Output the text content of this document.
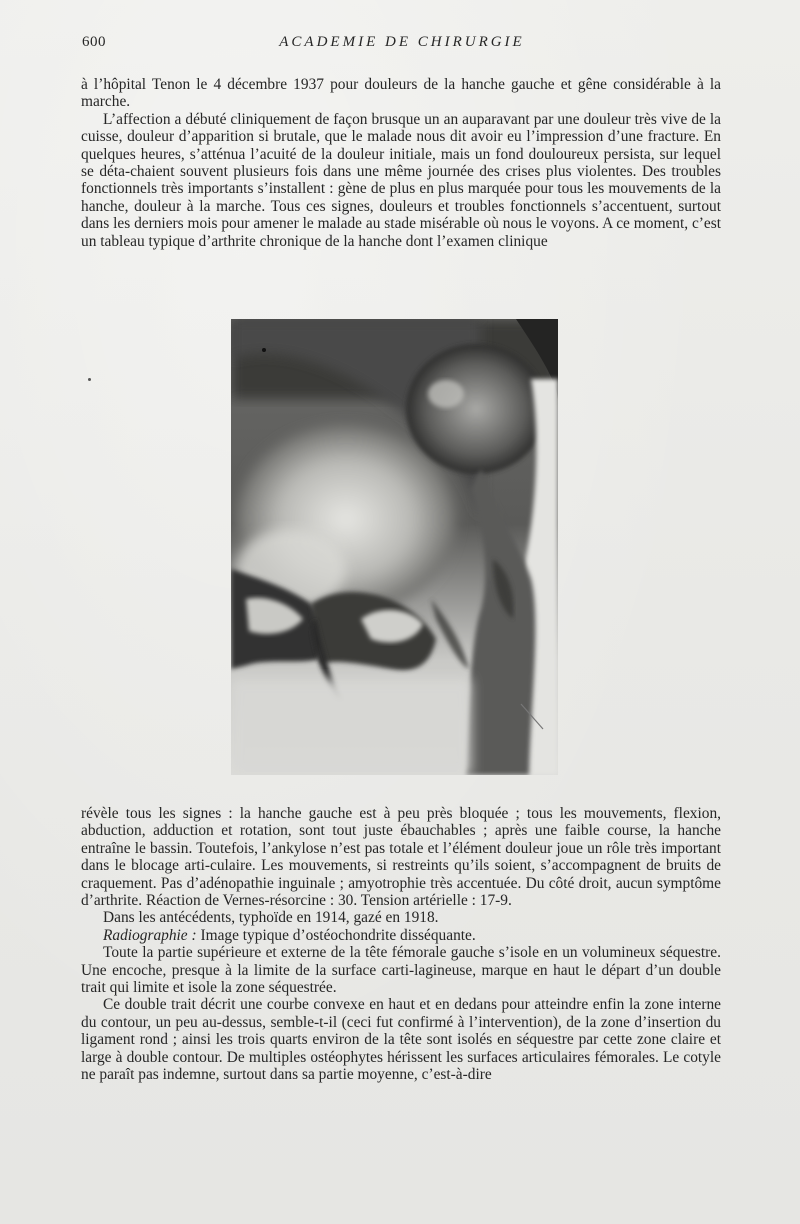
600	ACADEMIE DE CHIRURGIE

à l’hôpital Tenon le 4 décembre 1937 pour douleurs de la hanche gauche et gêne considérable à la marche.

L’affection a débuté cliniquement de façon brusque un an auparavant par une douleur très vive de la cuisse, douleur d’apparition si brutale, que le malade nous dit avoir eu l’impression d’une fracture. En quelques heures, s’atténua l’acuité de la douleur initiale, mais un fond douloureux persista, sur lequel se déta-chaient souvent plusieurs fois dans une même journée des crises plus violentes. Des troubles fonctionnels très importants s’installent : gène de plus en plus marquée pour tous les mouvements de la hanche, douleur à la marche. Tous ces signes, douleurs et troubles fonctionnels s’accentuent, surtout dans les derniers mois pour amener le malade au stade misérable où nous le voyons. A ce moment, c’est un tableau typique d’arthrite chronique de la hanche dont l’examen clinique

révèle tous les signes : la hanche gauche est à peu près bloquée ; tous les mouvements, flexion, abduction, adduction et rotation, sont tout juste ébauchables ; après une faible course, la hanche entraîne le bassin. Toutefois, l’ankylose n’est pas totale et l’élément douleur joue un rôle très important dans le blocage arti-culaire. Les mouvements, si restreints qu’ils soient, s’accompagnent de bruits de craquement. Pas d’adénopathie inguinale ; amyotrophie très accentuée. Du côté droit, aucun symptôme d’arthrite. Réaction de Vernes-résorcine : 30. Tension artérielle : 17-9.

Dans les antécédents, typhoïde en 1914, gazé en 1918.

Radiographie : Image typique d’ostéochondrite disséquante.

Toute la partie supérieure et externe de la tête fémorale gauche s’isole en un volumineux séquestre. Une encoche, presque à la limite de la surface carti-lagineuse, marque en haut le départ d’un double trait qui limite et isole la zone séquestrée.

Ce double trait décrit une courbe convexe en haut et en dedans pour atteindre enfin la zone interne du contour, un peu au-dessus, semble-t-il (ceci fut confirmé à l’intervention), de la zone d’insertion du ligament rond ; ainsi les trois quarts environ de la tête sont isolés en séquestre par cette zone claire et large à double contour. De multiples ostéophytes hérissent les surfaces articulaires fémorales. Le cotyle ne paraît pas indemne, surtout dans sa partie moyenne, c’est-à-dire
